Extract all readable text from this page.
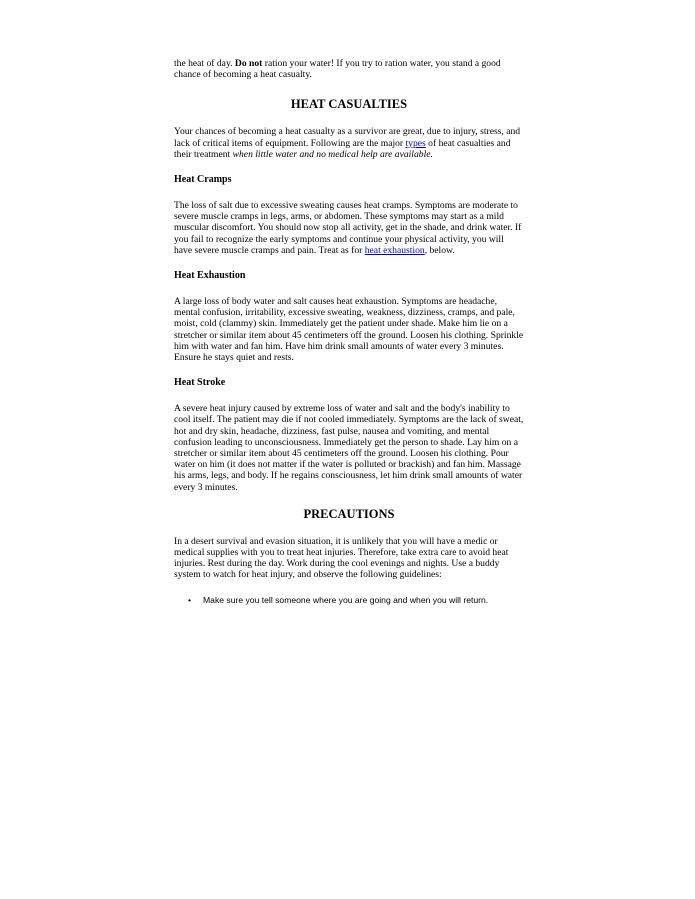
the heat of day. Do not ration your water! If you try to ration water, you stand a good chance of becoming a heat casualty.

HEAT CASUALTIES

Your chances of becoming a heat casualty as a survivor are great, due to injury, stress, and lack of critical items of equipment. Following are the major types of heat casualties and their treatment when little water and no medical help are available.

Heat Cramps

The loss of salt due to excessive sweating causes heat cramps. Symptoms are moderate to severe muscle cramps in legs, arms, or abdomen. These symptoms may start as a mild muscular discomfort. You should now stop all activity, get in the shade, and drink water. If you fail to recognize the early symptoms and continue your physical activity, you will have severe muscle cramps and pain. Treat as for heat exhaustion, below.

Heat Exhaustion

A large loss of body water and salt causes heat exhaustion. Symptoms are headache, mental confusion, irritability, excessive sweating, weakness, dizziness, cramps, and pale, moist, cold (clammy) skin. Immediately get the patient under shade. Make him lie on a stretcher or similar item about 45 centimeters off the ground. Loosen his clothing. Sprinkle him with water and fan him. Have him drink small amounts of water every 3 minutes. Ensure he stays quiet and rests.

Heat Stroke

A severe heat injury caused by extreme loss of water and salt and the body's inability to cool itself. The patient may die if not cooled immediately. Symptoms are the lack of sweat, hot and dry skin, headache, dizziness, fast pulse, nausea and vomiting, and mental confusion leading to unconsciousness. Immediately get the person to shade. Lay him on a stretcher or similar item about 45 centimeters off the ground. Loosen his clothing. Pour water on him (it does not matter if the water is polluted or brackish) and fan him. Massage his arms, legs, and body. If he regains consciousness, let him drink small amounts of water every 3 minutes.

PRECAUTIONS

In a desert survival and evasion situation, it is unlikely that you will have a medic or medical supplies with you to treat heat injuries. Therefore, take extra care to avoid heat injuries. Rest during the day. Work during the cool evenings and nights. Use a buddy system to watch for heat injury, and observe the following guidelines:

• Make sure you tell someone where you are going and when you will return.
